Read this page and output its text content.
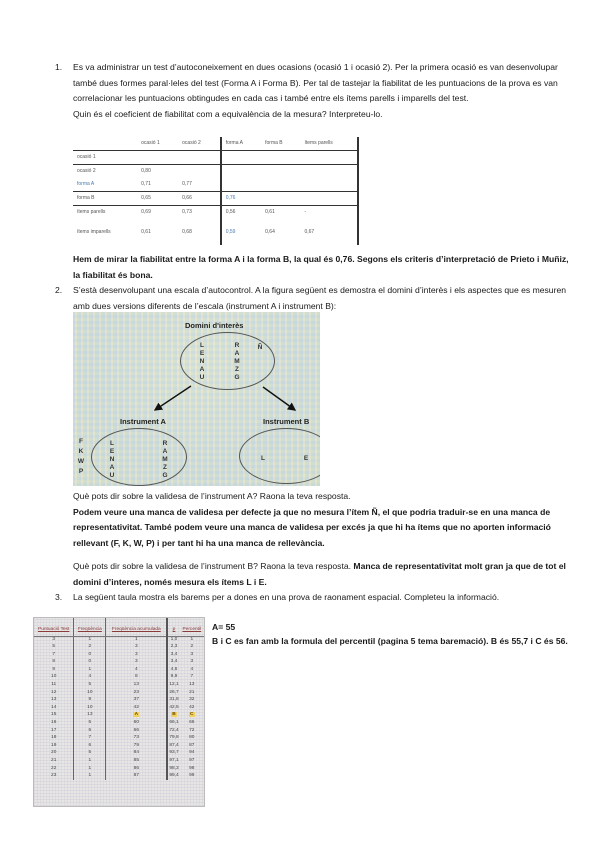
1.	Es va administrar un test d’autoconeixement en dues ocasions (ocasió 1 i ocasió 2). Per la primera ocasió es van desenvolupar també dues formes paral·leles del test (Forma A i Forma B). Per tal de tastejar la fiabilitat de les puntuacions de la prova es van correlacionar les puntuacions obtingudes en cada cas i també entre els ítems parells i imparells del test.

Quin és el coeficient de fiabilitat com a equivalència de la mesura? Interpreteu-lo.

	ocasió 1	ocasió 2	forma A	forma B	ítems parells
ocasió 1					
ocasió 2	0,80				
forma A	0,71	0,77			
forma B	0,65	0,66	0,76		
ítems parells	0,69	0,73	0,56	0,61	-
ítems imparells	0,61	0,68	0,59	0,64	0,67

Hem de mirar la fiabilitat entre la forma A i la forma B, la qual és 0,76. Segons els criteris d’interpretació de Prieto i Muñiz, la fiabilitat és bona.

2.	S’està desenvolupant una escala d’autocontrol. A la figura següent es demostra el domini d’interès i els aspectes que es mesuren amb dues versions diferents de l’escala (instrument A i instrument B):

Domini d'interès
L
E
N
A
U
R
A
M
Z
G
Ñ
Instrument A	Instrument B
F
K
W
P
L
E
N
A
U
R
A
M
Z
G
L	E

Què pots dir sobre la validesa de l’instrument A? Raona la teva resposta.

Podem veure una manca de validesa per defecte ja que no mesura l’ítem Ñ, el que podria traduir-se en una manca de representativitat. També podem veure una manca de validesa per excés ja que hi ha ítems que no aporten informació rellevant (F, K, W, P) i per tant hi ha una manca de rellevància.

Què pots dir sobre la validesa de l’instrument B? Raona la teva resposta. Manca de representativitat molt gran ja que de tot el domini d’interes, només mesura els ítems L i E.

3.	La següent taula mostra els barems per a dones en una prova de raonament espacial. Completeu la informació.

Puntuació Test	Freqüència	Freqüència acumulada	p	Percentil
3	1	1	1,0	1
5	2	3	2,3	2
7	0	3	3,4	3
8	0	3	3,4	3
9	1	4	4,6	4
10	4	8	9,9	7
11	5	13	12,1	13
12	10	23	26,7	21
13	9	37	31,8	32
14	10	42	42,5	42
15	13	A	B	C
16	5	60	66,1	66
17	6	66	72,4	72
18	7	73	79,8	80
19	6	79	87,4	87
20	5	84	93,7	94
21	1	85	97,1	97
22	1	86	98,3	98
23	1	87	99,4	99

A= 55

B i C es fan amb la formula del percentil (pagina 5 tema baremació). B és 55,7 i C és 56.
